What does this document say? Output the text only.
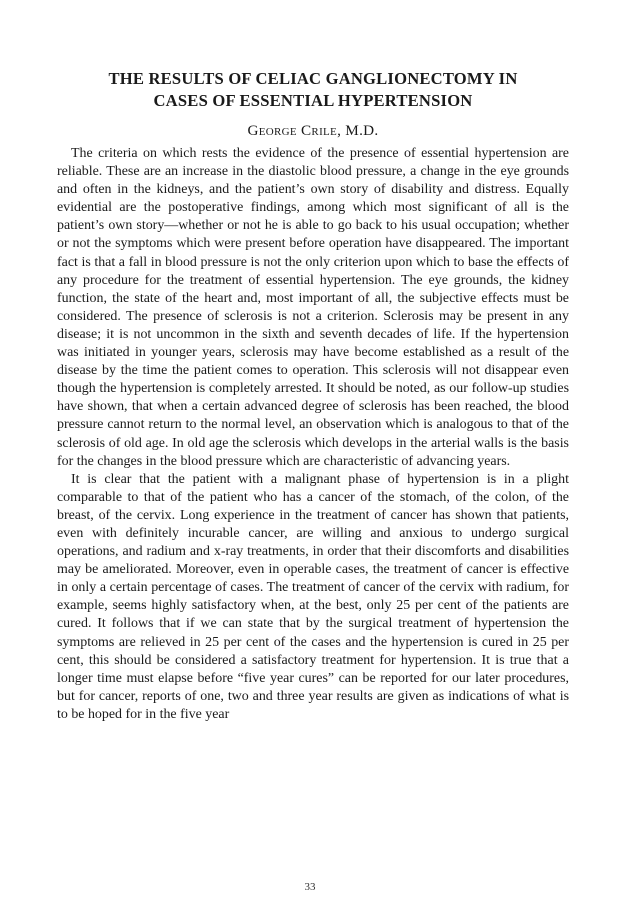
THE RESULTS OF CELIAC GANGLIONECTOMY IN
CASES OF ESSENTIAL HYPERTENSION
George Crile, M.D.

The criteria on which rests the evidence of the presence of essential hypertension are reliable. These are an increase in the diastolic blood pressure, a change in the eye grounds and often in the kidneys, and the patient’s own story of disability and distress. Equally evidential are the postoperative findings, among which most significant of all is the patient’s own story—whether or not he is able to go back to his usual occupation; whether or not the symptoms which were present before operation have disappeared. The important fact is that a fall in blood pressure is not the only criterion upon which to base the effects of any procedure for the treatment of essential hypertension. The eye grounds, the kidney function, the state of the heart and, most important of all, the subjective effects must be considered. The presence of sclerosis is not a criterion. Sclerosis may be present in any disease; it is not uncommon in the sixth and seventh decades of life. If the hypertension was initiated in younger years, sclerosis may have become established as a result of the disease by the time the patient comes to operation. This sclerosis will not disappear even though the hypertension is completely arrested. It should be noted, as our follow-up studies have shown, that when a certain advanced degree of sclerosis has been reached, the blood pressure cannot return to the normal level, an observation which is analogous to that of the sclerosis of old age. In old age the sclerosis which develops in the arterial walls is the basis for the changes in the blood pressure which are characteristic of advancing years.

It is clear that the patient with a malignant phase of hypertension is in a plight comparable to that of the patient who has a cancer of the stomach, of the colon, of the breast, of the cervix. Long experience in the treatment of cancer has shown that patients, even with definitely incurable cancer, are willing and anxious to undergo surgical operations, and radium and x-ray treatments, in order that their discomforts and disabilities may be ameliorated. Moreover, even in operable cases, the treatment of cancer is effective in only a certain percentage of cases. The treatment of cancer of the cervix with radium, for example, seems highly satisfactory when, at the best, only 25 per cent of the patients are cured. It follows that if we can state that by the surgical treatment of hypertension the symptoms are relieved in 25 per cent of the cases and the hypertension is cured in 25 per cent, this should be considered a satisfactory treatment for hypertension. It is true that a longer time must elapse before “five year cures” can be reported for our later procedures, but for cancer, reports of one, two and three year results are given as indications of what is to be hoped for in the five year

33
